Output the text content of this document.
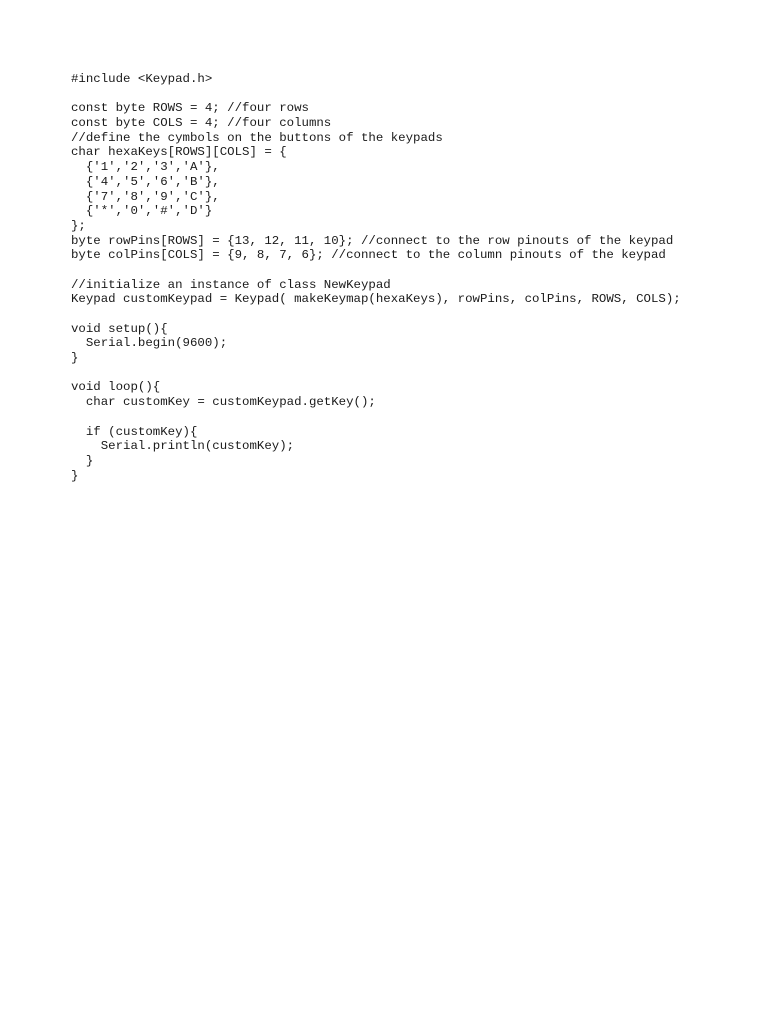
#include <Keypad.h>
const byte ROWS = 4; //four rows
const byte COLS = 4; //four columns
//define the cymbols on the buttons of the keypads
char hexaKeys[ROWS][COLS] = {
{'1','2','3','A'},
{'4','5','6','B'},
{'7','8','9','C'},
{'*','0','#','D'}
};
byte rowPins[ROWS] = {13, 12, 11, 10}; //connect to the row pinouts of the keypad
byte colPins[COLS] = {9, 8, 7, 6}; //connect to the column pinouts of the keypad
//initialize an instance of class NewKeypad
Keypad customKeypad = Keypad( makeKeymap(hexaKeys), rowPins, colPins, ROWS, COLS);
void setup(){
Serial.begin(9600);
}
void loop(){
char customKey = customKeypad.getKey();
if (customKey){
Serial.println(customKey);
}
}
